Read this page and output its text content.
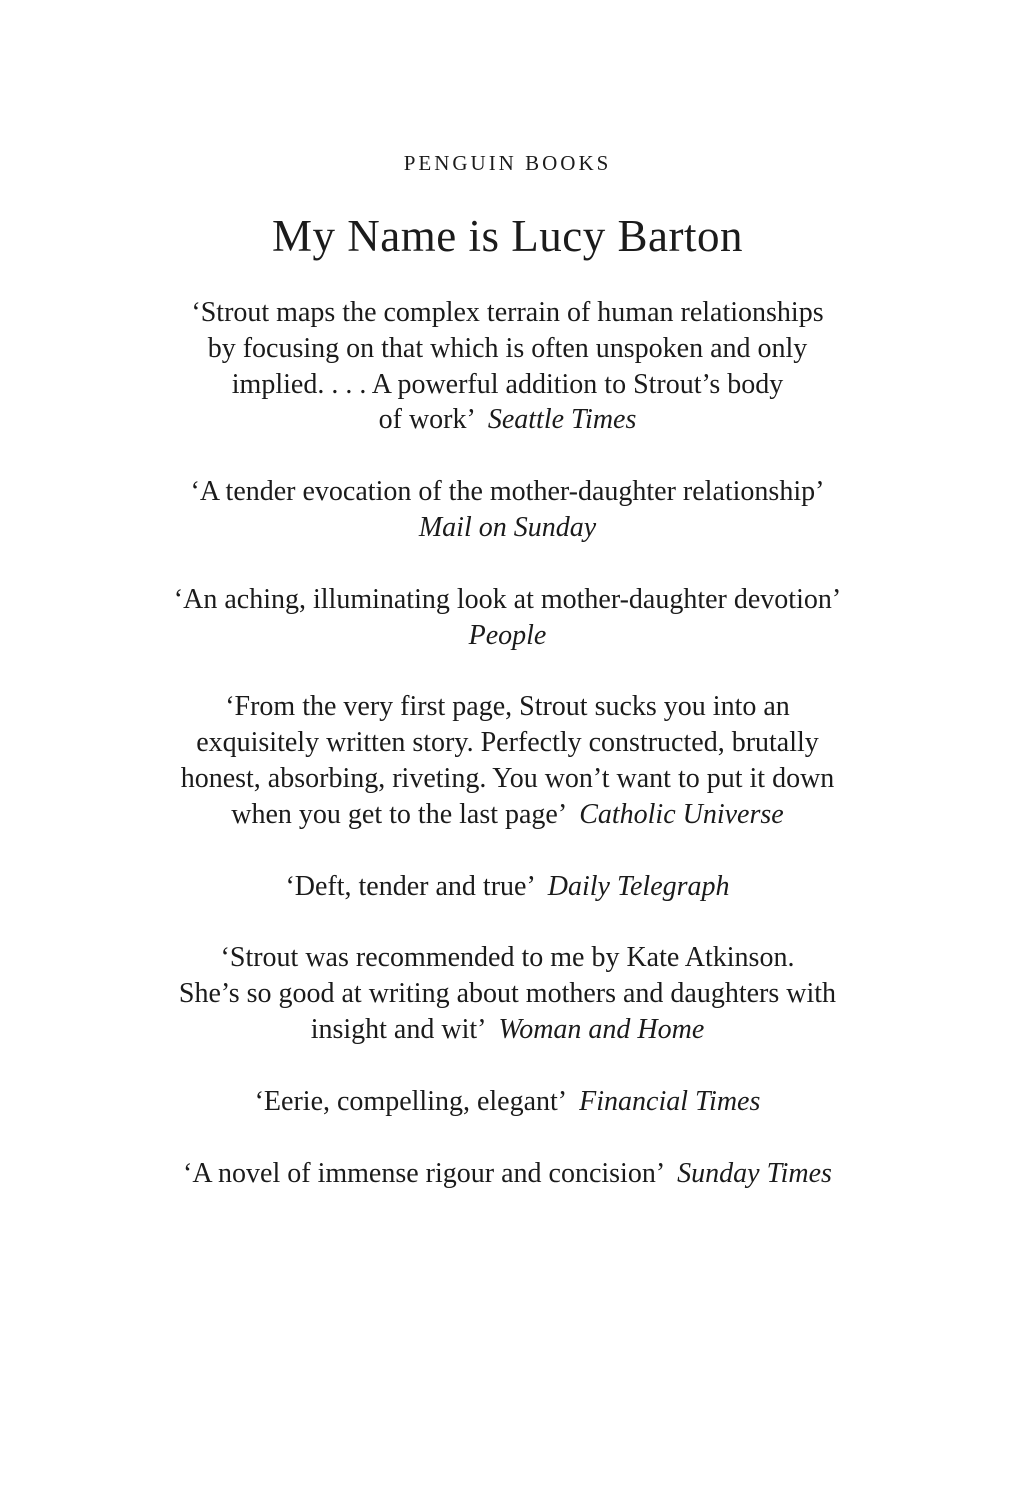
PENGUIN BOOKS
My Name is Lucy Barton
‘Strout maps the complex terrain of human relationships
by focusing on that which is often unspoken and only
implied. . . . A powerful addition to Strout’s body
of work’ Seattle Times
‘A tender evocation of the mother-daughter relationship’
Mail on Sunday
‘An aching, illuminating look at mother-daughter devotion’
People
‘From the very first page, Strout sucks you into an
exquisitely written story. Perfectly constructed, brutally
honest, absorbing, riveting. You won’t want to put it down
when you get to the last page’ Catholic Universe
‘Deft, tender and true’ Daily Telegraph
‘Strout was recommended to me by Kate Atkinson.
She’s so good at writing about mothers and daughters with
insight and wit’ Woman and Home
‘Eerie, compelling, elegant’ Financial Times
‘A novel of immense rigour and concision’ Sunday Times
